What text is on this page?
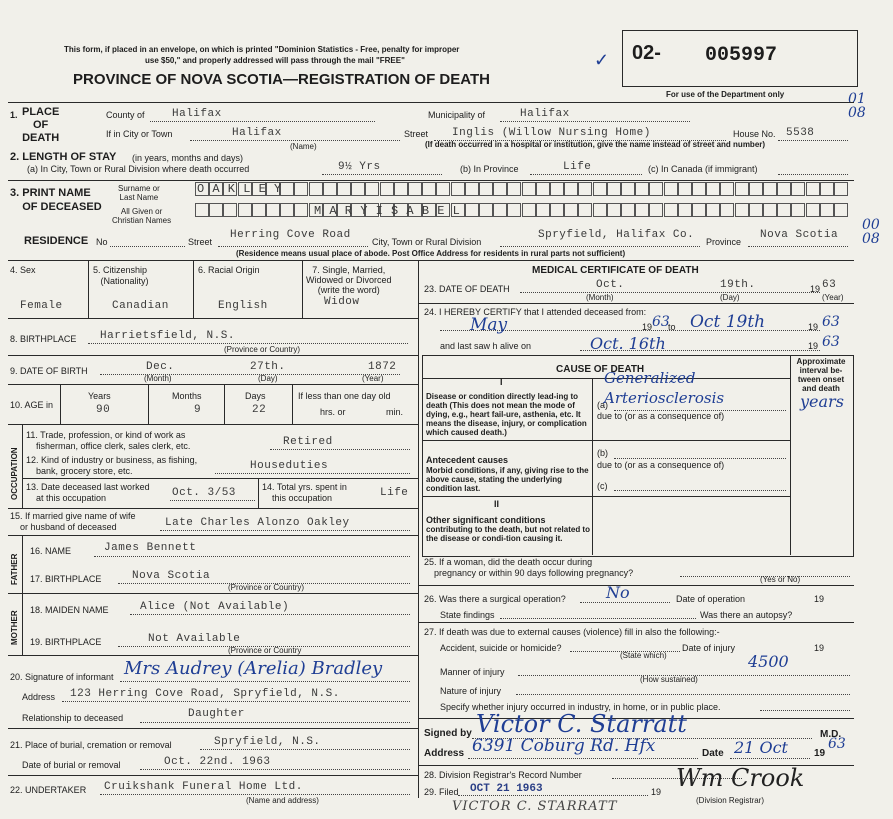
This form, if placed in an envelope, on which is printed "Dominion Statistics - Free, penalty for improper
use $50," and properly addressed will pass through the mail "FREE"
PROVINCE OF NOVA SCOTIA—REGISTRATION OF DEATH
02- 005997
✓
For use of the Department only	01
08
00
08
1. PLACE
OF
DEATH
County of Halifax	Municipality of	Halifax
If in City or Town	Halifax	Street Inglis (Willow Nursing Home)	House No. 5538
(Name)	(If death occurred in a hospital or institution, give the name instead of street and number)
2. LENGTH OF STAY (in years, months and days)
(a) In City, Town or Rural Division where death occurred	9½ Yrs	(b) In Province	Life	(c) In Canada (if immigrant)
3. PRINT NAME
OF DECEASED
Surname or
Last Name
All Given or
Christian Names
O A K L E Y
M A R Y I S A B E L
RESIDENCE No	Street
Herring Cove Road
City, Town or Rural Division
Spryfield, Halifax Co.
Province
Nova Scotia
(Residence means usual place of abode. Post Office Address for residents in rural parts not sufficient)
4. Sex	5. Citizenship
(Nationality)
6. Racial Origin	7. Single, Married,
Widowed or Divorced
(write the word)
Female	Canadian	English	Widow
8. BIRTHPLACE Harrietsfield, N.S.
(Province or Country)
9. DATE OF BIRTH	Dec.	27th.	1872
(Month)	(Day)	(Year)
10. AGE in
Years	Months	Days	If less than one day old
90	9	22	hrs. or	min.
OCCUPATION
11. Trade, profession, or kind of work as
fisherman, office clerk, sales clerk, etc.	Retired
12. Kind of industry or business, as fishing,
bank, grocery store, etc.	Houseduties
13. Date deceased last worked
at this occupation	Oct. 3/53	14. Total yrs. spent in
this occupation	Life
15. If married give name of wife
or husband of deceased	Late Charles Alonzo Oakley
FATHER
16. NAME	James Bennett
17. BIRTHPLACE	Nova Scotia
(Province or Country)
MOTHER
18. MAIDEN NAME	Alice (Not Available)
19. BIRTHPLACE	Not Available
(Province or Country
20. Signature of informant Mrs Audrey (Arelia) Bradley
Address 123 Herring Cove Road, Spryfield, N.S.
Relationship to deceased	Daughter
21. Place of burial, cremation or removal	Spryfield, N.S.
Date of burial or removal	Oct. 22nd. 1963
22. UNDERTAKER Cruikshank Funeral Home Ltd.
(Name and address)
MEDICAL CERTIFICATE OF DEATH
23. DATE OF DEATH	Oct.	19th.	19 63
(Month)	(Day)	(Year)
24. I HEREBY CERTIFY that I attended deceased from:
May	19 63
to Oct 19th	19 63
and last saw h alive on	Oct. 16th	19 63
CAUSE OF DEATH
Approximate interval be-tween onset and death
I
Disease or condition directly lead-ing to death (This does not mean the mode of dying, e.g., heart fail-ure, asthenia, etc. It means the disease, injury, or complication which caused death.)
(a)
Generalized Arteriosclerosis	years
due to (or as a consequence of)
Antecedent causes
Morbid conditions, if any, giving rise to the above cause, stating the underlying condition last.
(b)
due to (or as a consequence of)
(c)
II
Other significant conditions
contributing to the death, but not related to the disease or condi-tion causing it.
25. If a woman, did the death occur during
pregnancy or within 90 days following pregnancy?
(Yes or No)
26. Was there a surgical operation?	No	Date of operation	19
State findings	Was there an autopsy?
27. If death was due to external causes (violence) fill in also the following:-
Accident, suicide or homicide?	Date of injury	19
(State which)
Manner of injury
4500
(How sustained)
Nature of injury
Specify whether injury occurred in industry, in home, or in public place.
Signed by Victor C. Starratt	M.D.
Address 6391 Coburg Rd. Hfx	Date 21 Oct	19
63
28. Division Registrar's Record Number
29. Filed OCT 21 1963	19
(Division Registrar)
Wm Crook
VICTOR C. STARRATT
